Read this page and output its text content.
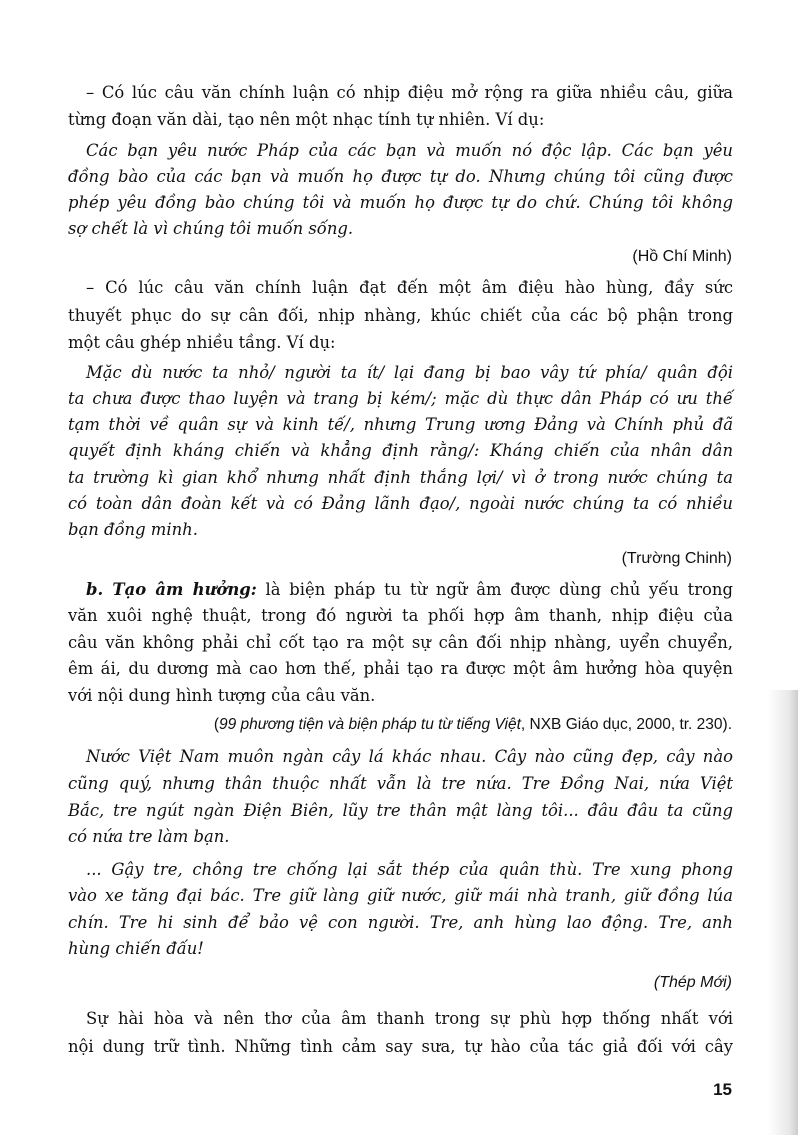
– Có lúc câu văn chính luận có nhịp điệu mở rộng ra giữa nhiều câu, giữa

từng đoạn văn dài, tạo nên một nhạc tính tự nhiên. Ví dụ:

Các bạn yêu nước Pháp của các bạn và muốn nó độc lập. Các bạn yêu

đồng bào của các bạn và muốn họ được tự do. Nhưng chúng tôi cũng được

phép yêu đồng bào chúng tôi và muốn họ được tự do chứ. Chúng tôi không

sợ chết là vì chúng tôi muốn sống.

(Hồ Chí Minh)

– Có lúc câu văn chính luận đạt đến một âm điệu hào hùng, đầy sức

thuyết phục do sự cân đối, nhịp nhàng, khúc chiết của các bộ phận trong

một câu ghép nhiều tầng. Ví dụ:

Mặc dù nước ta nhỏ/ người ta ít/ lại đang bị bao vây tứ phía/ quân đội

ta chưa được thao luyện và trang bị kém/; mặc dù thực dân Pháp có ưu thế

tạm thời về quân sự và kinh tế/, nhưng Trung ương Đảng và Chính phủ đã

quyết định kháng chiến và khẳng định rằng/: Kháng chiến của nhân dân

ta trường kì gian khổ nhưng nhất định thắng lợi/ vì ở trong nước chúng ta

có toàn dân đoàn kết và có Đảng lãnh đạo/, ngoài nước chúng ta có nhiều

bạn đồng minh.

(Trường Chinh)

b. Tạo âm hưởng: là biện pháp tu từ ngữ âm được dùng chủ yếu trong

văn xuôi nghệ thuật, trong đó người ta phối hợp âm thanh, nhịp điệu của

câu văn không phải chỉ cốt tạo ra một sự cân đối nhịp nhàng, uyển chuyển,

êm ái, du dương mà cao hơn thế, phải tạo ra được một âm hưởng hòa quyện

với nội dung hình tượng của câu văn.

(99 phương tiện và biện pháp tu từ tiếng Việt, NXB Giáo dục, 2000, tr. 230).

Nước Việt Nam muôn ngàn cây lá khác nhau. Cây nào cũng đẹp, cây nào

cũng quý, nhưng thân thuộc nhất vẫn là tre nứa. Tre Đồng Nai, nứa Việt

Bắc, tre ngút ngàn Điện Biên, lũy tre thân mật làng tôi... đâu đâu ta cũng

có nứa tre làm bạn.

... Gậy tre, chông tre chống lại sắt thép của quân thù. Tre xung phong

vào xe tăng đại bác. Tre giữ làng giữ nước, giữ mái nhà tranh, giữ đồng lúa

chín. Tre hi sinh để bảo vệ con người. Tre, anh hùng lao động. Tre, anh

hùng chiến đấu!

(Thép Mới)

Sự hài hòa và nên thơ của âm thanh trong sự phù hợp thống nhất với

nội dung trữ tình. Những tình cảm say sưa, tự hào của tác giả đối với cây

15
